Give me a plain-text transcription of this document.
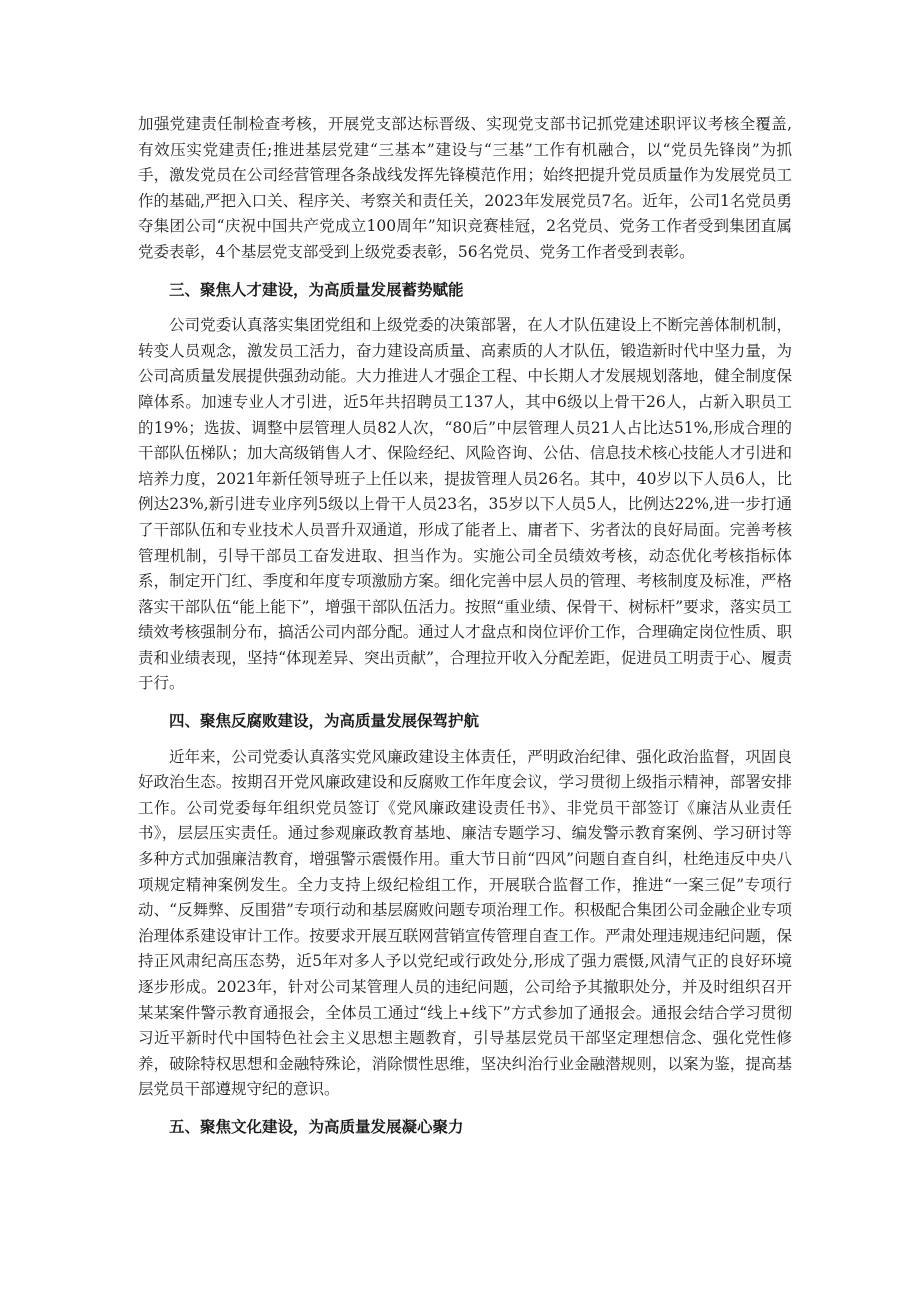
加强党建责任制检查考核，开展党支部达标晋级、实现党支部书记抓党建述职评议考核全覆盖,有效压实党建责任;推进基层党建“三基本”建设与“三基”工作有机融合，以“党员先锋岗”为抓手，激发党员在公司经营管理各条战线发挥先锋模范作用；始终把提升党员质量作为发展党员工作的基础,严把入口关、程序关、考察关和责任关，2023年发展党员7名。近年，公司1名党员勇夺集团公司“庆祝中国共产党成立100周年”知识竞赛桂冠，2名党员、党务工作者受到集团直属党委表彰，4个基层党支部受到上级党委表彰，56名党员、党务工作者受到表彰。

三、聚焦人才建设，为高质量发展蓄势赋能

公司党委认真落实集团党组和上级党委的决策部署，在人才队伍建设上不断完善体制机制，转变人员观念，激发员工活力，奋力建设高质量、高素质的人才队伍，锻造新时代中坚力量，为公司高质量发展提供强劲动能。大力推进人才强企工程、中长期人才发展规划落地，健全制度保障体系。加速专业人才引进，近5年共招聘员工137人，其中6级以上骨干26人，占新入职员工的19%；选拔、调整中层管理人员82人次，“80后”中层管理人员21人占比达51%,形成合理的干部队伍梯队；加大高级销售人才、保险经纪、风险咨询、公估、信息技术核心技能人才引进和培养力度，2021年新任领导班子上任以来，提拔管理人员26名。其中，40岁以下人员6人，比例达23%,新引进专业序列5级以上骨干人员23名，35岁以下人员5人，比例达22%,进一步打通了干部队伍和专业技术人员晋升双通道，形成了能者上、庸者下、劣者汰的良好局面。完善考核管理机制，引导干部员工奋发进取、担当作为。实施公司全员绩效考核，动态优化考核指标体系，制定开门红、季度和年度专项激励方案。细化完善中层人员的管理、考核制度及标准，严格落实干部队伍“能上能下”，增强干部队伍活力。按照“重业绩、保骨干、树标杆”要求，落实员工绩效考核强制分布，搞活公司内部分配。通过人才盘点和岗位评价工作，合理确定岗位性质、职责和业绩表现，坚持“体现差异、突出贡献”，合理拉开收入分配差距，促进员工明责于心、履责于行。

四、聚焦反腐败建设，为高质量发展保驾护航

近年来，公司党委认真落实党风廉政建设主体责任，严明政治纪律、强化政治监督，巩固良好政治生态。按期召开党风廉政建设和反腐败工作年度会议，学习贯彻上级指示精神，部署安排工作。公司党委每年组织党员签订《党风廉政建设责任书》、非党员干部签订《廉洁从业责任书》，层层压实责任。通过参观廉政教育基地、廉洁专题学习、编发警示教育案例、学习研讨等多种方式加强廉洁教育，增强警示震慑作用。重大节日前“四风”问题自查自纠，杜绝违反中央八项规定精神案例发生。全力支持上级纪检组工作，开展联合监督工作，推进“一案三促”专项行动、“反舞弊、反围猎”专项行动和基层腐败问题专项治理工作。积极配合集团公司金融企业专项治理体系建设审计工作。按要求开展互联网营销宣传管理自查工作。严肃处理违规违纪问题，保持正风肃纪高压态势，近5年对多人予以党纪或行政处分,形成了强力震慑,风清气正的良好环境逐步形成。2023年，针对公司某管理人员的违纪问题，公司给予其撤职处分，并及时组织召开某某案件警示教育通报会，全体员工通过“线上+线下”方式参加了通报会。通报会结合学习贯彻习近平新时代中国特色社会主义思想主题教育，引导基层党员干部坚定理想信念、强化党性修养，破除特权思想和金融特殊论，消除惯性思维，坚决纠治行业金融潜规则，以案为鉴，提高基层党员干部遵规守纪的意识。

五、聚焦文化建设，为高质量发展凝心聚力
